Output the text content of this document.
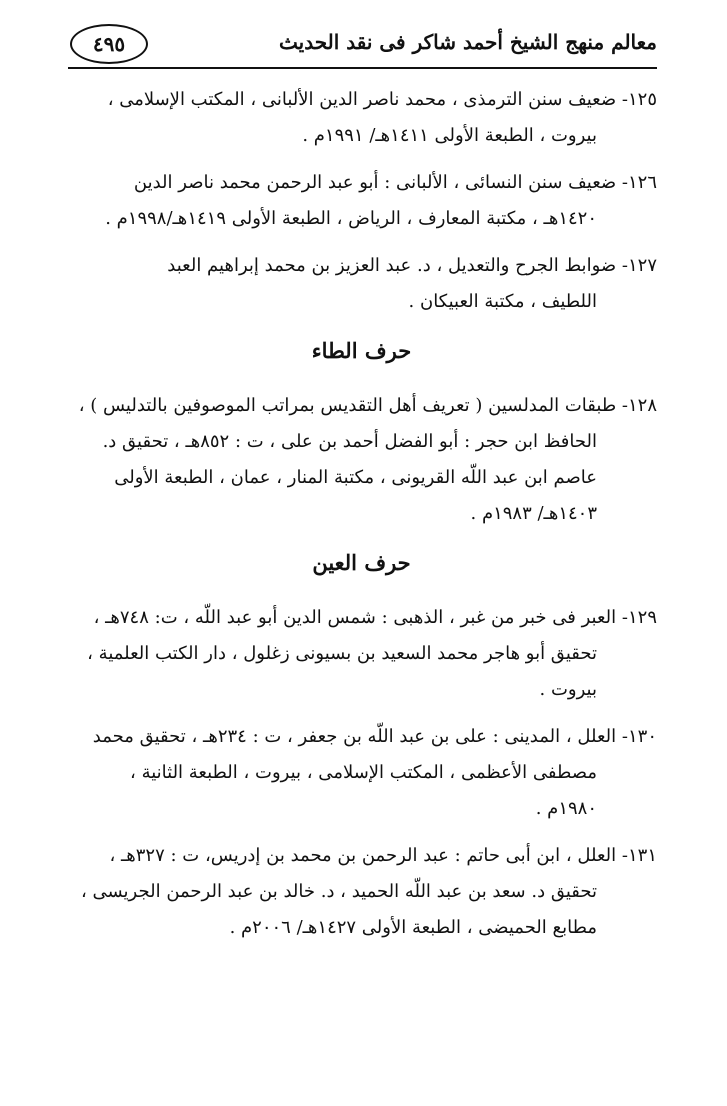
معالم منهج الشيخ أحمد شاكر فى نقد الحديث
٤٩٥
١٢٥- ضعيف سنن الترمذى ، محمد ناصر الدين الألبانى ، المكتب الإسلامى ،
بيروت ، الطبعة الأولى ١٤١١هـ/ ١٩٩١م .
١٢٦- ضعيف سنن النسائى ، الألبانى : أبو عبد الرحمن محمد ناصر الدين
١٤٢٠هـ ، مكتبة المعارف ، الرياض ، الطبعة الأولى ١٤١٩هـ/١٩٩٨م .
١٢٧- ضوابط الجرح والتعديل ، د. عبد العزيز بن محمد إبراهيم العبد
اللطيف ، مكتبة العبيكان .
حرف الطاء
١٢٨- طبقات المدلسين ( تعريف أهل التقديس بمراتب الموصوفين بالتدليس ) ،
الحافظ ابن حجر : أبو الفضل أحمد بن على ، ت : ٨٥٢هـ ، تحقيق د.
عاصم ابن عبد اللّه القريونى ، مكتبة المنار ، عمان ، الطبعة الأولى
١٤٠٣هـ/ ١٩٨٣م .
حرف العين
١٢٩- العبر فى خبر من غبر ، الذهبى : شمس الدين أبو عبد اللّه ، ت: ٧٤٨هـ ،
تحقيق أبو هاجر محمد السعيد بن بسيونى زغلول ، دار الكتب العلمية ،
بيروت .
١٣٠- العلل ، المدينى : على بن عبد اللّه بن جعفر ، ت : ٢٣٤هـ ، تحقيق محمد
مصطفى الأعظمى ، المكتب الإسلامى ، بيروت ، الطبعة الثانية ،
١٩٨٠م .
١٣١- العلل ، ابن أبى حاتم : عبد الرحمن بن محمد بن إدريس، ت : ٣٢٧هـ ،
تحقيق د. سعد بن عبد اللّه الحميد ، د. خالد بن عبد الرحمن الجريسى ،
مطابع الحميضى ، الطبعة الأولى ١٤٢٧هـ/ ٢٠٠٦م .
